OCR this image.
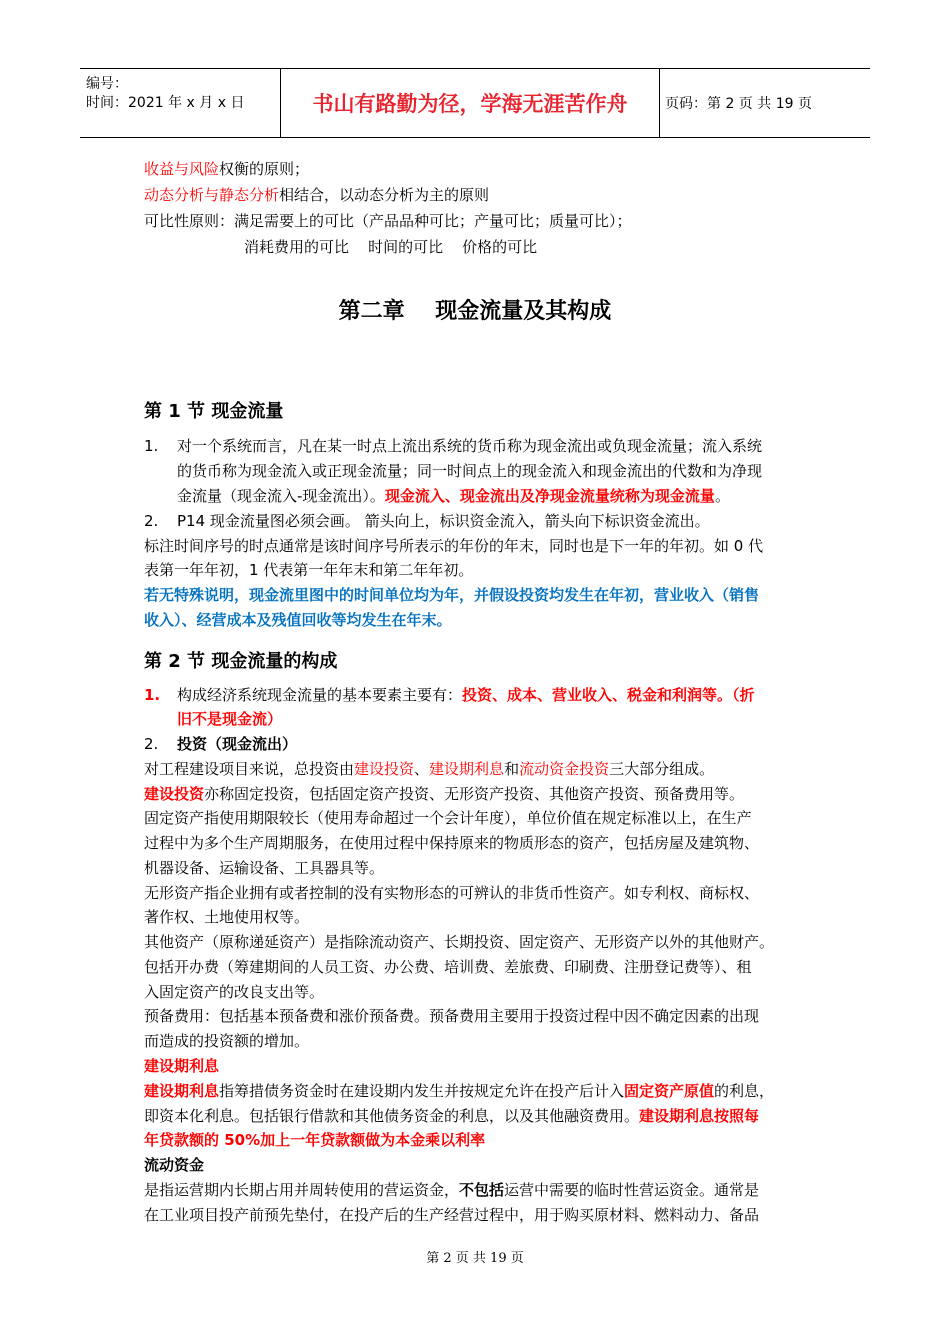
编号：
时间：2021 年 x 月 x 日	书山有路勤为径，学海无涯苦作舟	页码：第 2 页 共 19 页
收益与风险权衡的原则；
动态分析与静态分析相结合，以动态分析为主的原则
可比性原则：满足需要上的可比（产品品种可比；产量可比；质量可比）；
消耗费用的可比    时间的可比    价格的可比
第二章    现金流量及其构成
第 1 节 现金流量
1. 对一个系统而言，凡在某一时点上流出系统的货币称为现金流出或负现金流量；流入系统
的货币称为现金流入或正现金流量；同一时间点上的现金流入和现金流出的代数和为净现
金流量（现金流入-现金流出）。现金流入、现金流出及净现金流量统称为现金流量。
2. P14 现金流量图必须会画。 箭头向上，标识资金流入，箭头向下标识资金流出。
标注时间序号的时点通常是该时间序号所表示的年份的年末，同时也是下一年的年初。如 0 代
表第一年年初，1 代表第一年年末和第二年年初。
若无特殊说明，现金流里图中的时间单位均为年，并假设投资均发生在年初，营业收入（销售
收入）、经营成本及残值回收等均发生在年末。
第 2 节 现金流量的构成
1. 构成经济系统现金流量的基本要素主要有：投资、成本、营业收入、税金和利润等。（折
旧不是现金流）
2. 投资（现金流出）
对工程建设项目来说，总投资由建设投资、建设期利息和流动资金投资三大部分组成。
建设投资亦称固定投资，包括固定资产投资、无形资产投资、其他资产投资、预备费用等。
固定资产指使用期限较长（使用寿命超过一个会计年度），单位价值在规定标准以上，在生产
过程中为多个生产周期服务，在使用过程中保持原来的物质形态的资产，包括房屋及建筑物、
机器设备、运输设备、工具器具等。
无形资产指企业拥有或者控制的没有实物形态的可辨认的非货币性资产。如专利权、商标权、
著作权、土地使用权等。
其他资产（原称递延资产）是指除流动资产、长期投资、固定资产、无形资产以外的其他财产。
包括开办费（筹建期间的人员工资、办公费、培训费、差旅费、印刷费、注册登记费等）、租
入固定资产的改良支出等。
预备费用：包括基本预备费和涨价预备费。预备费用主要用于投资过程中因不确定因素的出现
而造成的投资额的增加。
建设期利息
建设期利息指筹措债务资金时在建设期内发生并按规定允许在投产后计入固定资产原值的利息，
即资本化利息。包括银行借款和其他债务资金的利息，以及其他融资费用。建设期利息按照每
年贷款额的 50%加上一年贷款额做为本金乘以利率
流动资金
是指运营期内长期占用并周转使用的营运资金，不包括运营中需要的临时性营运资金。通常是
在工业项目投产前预先垫付，在投产后的生产经营过程中，用于购买原材料、燃料动力、备品
第 2 页 共 19 页
